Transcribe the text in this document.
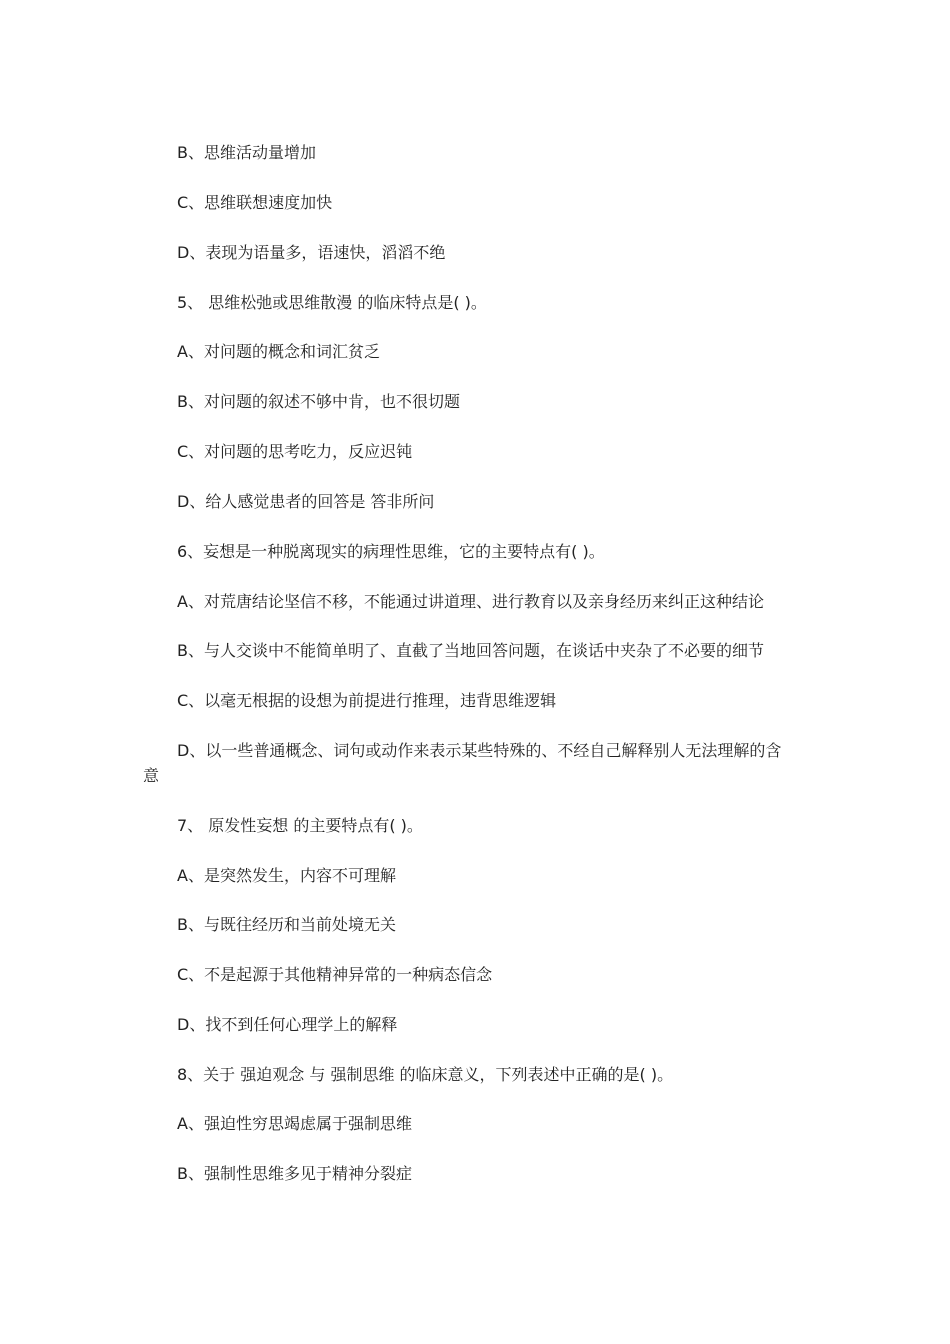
B、思维活动量增加
C、思维联想速度加快
D、表现为语量多，语速快，滔滔不绝
5、 思维松弛或思维散漫 的临床特点是( )。
A、对问题的概念和词汇贫乏
B、对问题的叙述不够中肯，也不很切题
C、对问题的思考吃力，反应迟钝
D、给人感觉患者的回答是 答非所问
6、妄想是一种脱离现实的病理性思维，它的主要特点有( )。
A、对荒唐结论坚信不移，不能通过讲道理、进行教育以及亲身经历来纠正这种结论
B、与人交谈中不能简单明了、直截了当地回答问题，在谈话中夹杂了不必要的细节
C、以毫无根据的设想为前提进行推理，违背思维逻辑
D、以一些普通概念、词句或动作来表示某些特殊的、不经自己解释别人无法理解的含
意
7、 原发性妄想 的主要特点有( )。
A、是突然发生，内容不可理解
B、与既往经历和当前处境无关
C、不是起源于其他精神异常的一种病态信念
D、找不到任何心理学上的解释
8、关于 强迫观念 与 强制思维 的临床意义，下列表述中正确的是( )。
A、强迫性穷思竭虑属于强制思维
B、强制性思维多见于精神分裂症
